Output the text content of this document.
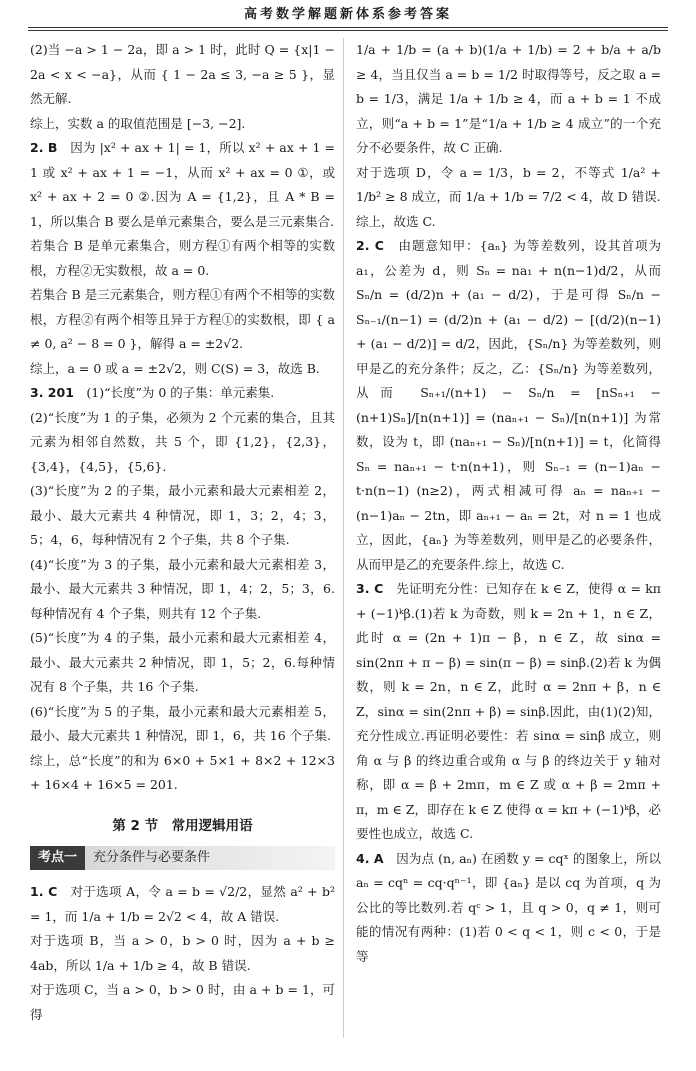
高考数学解题新体系参考答案

(2)当 −a > 1 − 2a，即 a > 1 时，此时 Q = {x|1 − 2a < x < −a}，从而 { 1 − 2a ≤ 3, −a ≥ 5 }，显然无解.

综上，实数 a 的取值范围是 [−3, −2].

2. B　 因为 |x² + ax + 1| = 1，所以 x² + ax + 1 = 1 或 x² + ax + 1 = −1，从而 x² + ax = 0 ①，或 x² + ax + 2 = 0 ②.因为 A = {1,2}，且 A * B = 1，所以集合 B 要么是单元素集合，要么是三元素集合.

若集合 B 是单元素集合，则方程①有两个相等的实数根，方程②无实数根，故 a = 0.

若集合 B 是三元素集合，则方程①有两个不相等的实数根，方程②有两个相等且异于方程①的实数根，即 { a ≠ 0, a² − 8 = 0 }，解得 a = ±2√2.

综上，a = 0 或 a = ±2√2，则 C(S) = 3，故选 B.

3. 201　 (1)“长度”为 0 的子集：单元素集.

(2)“长度”为 1 的子集，必须为 2 个元素的集合，且其元素为相邻自然数，共 5 个，即 {1,2}，{2,3}，{3,4}，{4,5}，{5,6}.

(3)“长度”为 2 的子集，最小元素和最大元素相差 2，最小、最大元素共 4 种情况，即 1，3；2，4；3，5；4，6，每种情况有 2 个子集，共 8 个子集.

(4)“长度”为 3 的子集，最小元素和最大元素相差 3，最小、最大元素共 3 种情况，即 1，4；2，5；3，6.每种情况有 4 个子集，则共有 12 个子集.

(5)“长度”为 4 的子集，最小元素和最大元素相差 4，最小、最大元素共 2 种情况，即 1，5；2，6.每种情况有 8 个子集，共 16 个子集.

(6)“长度”为 5 的子集，最小元素和最大元素相差 5，最小、最大元素共 1 种情况，即 1，6，共 16 个子集.

综上，总“长度”的和为 6×0 + 5×1 + 8×2 + 12×3 + 16×4 + 16×5 = 201.

第 2 节　常用逻辑用语
考点一	充分条件与必要条件

1. C　 对于选项 A，令 a = b = √2/2，显然 a² + b² = 1，而 1/a + 1/b = 2√2 < 4，故 A 错误.

对于选项 B，当 a > 0，b > 0 时，因为 a + b ≥ 4ab，所以 1/a + 1/b ≥ 4，故 B 错误.

对于选项 C，当 a > 0，b > 0 时，由 a + b = 1，可得

1/a + 1/b = (a + b)(1/a + 1/b) = 2 + b/a + a/b ≥ 4，当且仅当 a = b = 1/2 时取得等号，反之取 a = b = 1/3，满足 1/a + 1/b ≥ 4，而 a + b = 1 不成立，则“a + b = 1”是“1/a + 1/b ≥ 4 成立”的一个充分不必要条件，故 C 正确.

对于选项 D，令 a = 1/3，b = 2，不等式 1/a² + 1/b² ≥ 8 成立，而 1/a + 1/b = 7/2 < 4，故 D 错误.

综上，故选 C.

2. C　 由题意知甲：{aₙ} 为等差数列，设其首项为 a₁，公差为 d，则 Sₙ = na₁ + n(n−1)d/2，从而 Sₙ/n = (d/2)n + (a₁ − d/2)，于是可得 Sₙ/n − Sₙ₋₁/(n−1) = (d/2)n + (a₁ − d/2) − [(d/2)(n−1) + (a₁ − d/2)] = d/2，因此，{Sₙ/n} 为等差数列，则甲是乙的充分条件；反之，乙：{Sₙ/n} 为等差数列，从而 Sₙ₊₁/(n+1) − Sₙ/n = [nSₙ₊₁ − (n+1)Sₙ]/[n(n+1)] = (naₙ₊₁ − Sₙ)/[n(n+1)] 为常数，设为 t，即 (naₙ₊₁ − Sₙ)/[n(n+1)] = t，化简得 Sₙ = naₙ₊₁ − t·n(n+1)，则 Sₙ₋₁ = (n−1)aₙ − t·n(n−1) (n≥2)，两式相减可得 aₙ = naₙ₊₁ − (n−1)aₙ − 2tn，即 aₙ₊₁ − aₙ = 2t，对 n = 1 也成立，因此，{aₙ} 为等差数列，则甲是乙的必要条件，从而甲是乙的充要条件.综上，故选 C.

3. C　 先证明充分性：已知存在 k ∈ Z，使得 α = kπ + (−1)ᵏβ.(1)若 k 为奇数，则 k = 2n + 1，n ∈ Z，此时 α = (2n + 1)π − β，n ∈ Z，故 sinα = sin(2nπ + π − β) = sin(π − β) = sinβ.(2)若 k 为偶数，则 k = 2n，n ∈ Z，此时 α = 2nπ + β，n ∈ Z，sinα = sin(2nπ + β) = sinβ.因此，由(1)(2)知，充分性成立.再证明必要性：若 sinα = sinβ 成立，则角 α 与 β 的终边重合或角 α 与 β 的终边关于 y 轴对称，即 α = β + 2mπ，m ∈ Z 或 α + β = 2mπ + π，m ∈ Z，即存在 k ∈ Z 使得 α = kπ + (−1)ᵏβ，必要性也成立，故选 C.

4. A　 因为点 (n, aₙ) 在函数 y = cqˣ 的图象上，所以 aₙ = cqⁿ = cq·qⁿ⁻¹，即 {aₙ} 是以 cq 为首项，q 为公比的等比数列.若 qᶜ > 1，且 q > 0，q ≠ 1，则可能的情况有两种：(1)若 0 < q < 1，则 c < 0，于是等
